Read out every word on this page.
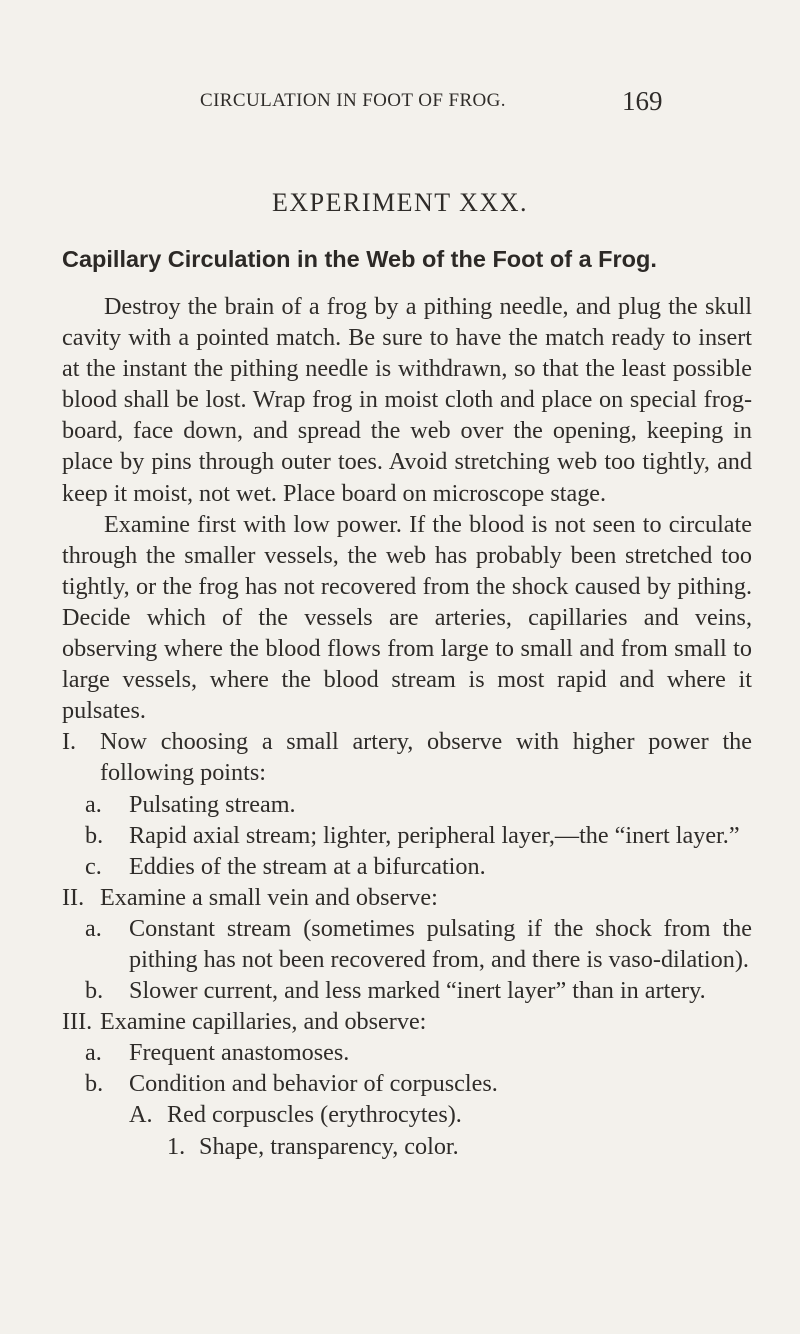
CIRCULATION IN FOOT OF FROG.	169
EXPERIMENT XXX.
Capillary Circulation in the Web of the Foot of a Frog.

Destroy the brain of a frog by a pithing needle, and plug the skull cavity with a pointed match. Be sure to have the match ready to insert at the instant the pithing needle is withdrawn, so that the least possible blood shall be lost. Wrap frog in moist cloth and place on special frog-board, face down, and spread the web over the opening, keeping in place by pins through outer toes. Avoid stretching web too tightly, and keep it moist, not wet. Place board on microscope stage.

Examine first with low power. If the blood is not seen to circulate through the smaller vessels, the web has probably been stretched too tightly, or the frog has not recovered from the shock caused by pithing. Decide which of the vessels are arteries, capillaries and veins, observing where the blood flows from large to small and from small to large vessels, where the blood stream is most rapid and where it pulsates.

I. Now choosing a small artery, observe with higher power the following points:
a.	Pulsating stream.
b.	Rapid axial stream; lighter, peripheral layer,—the “inert layer.”
c.	Eddies of the stream at a bifurcation.
II. Examine a small vein and observe:
a.	Constant stream (sometimes pulsating if the shock from the pithing has not been recovered from, and there is vaso-dilation).
b.	Slower current, and less marked “inert layer” than in artery.
III. Examine capillaries, and observe:
a.	Frequent anastomoses.
b.	Condition and behavior of corpuscles.
A. Red corpuscles (erythrocytes).
1. Shape, transparency, color.
